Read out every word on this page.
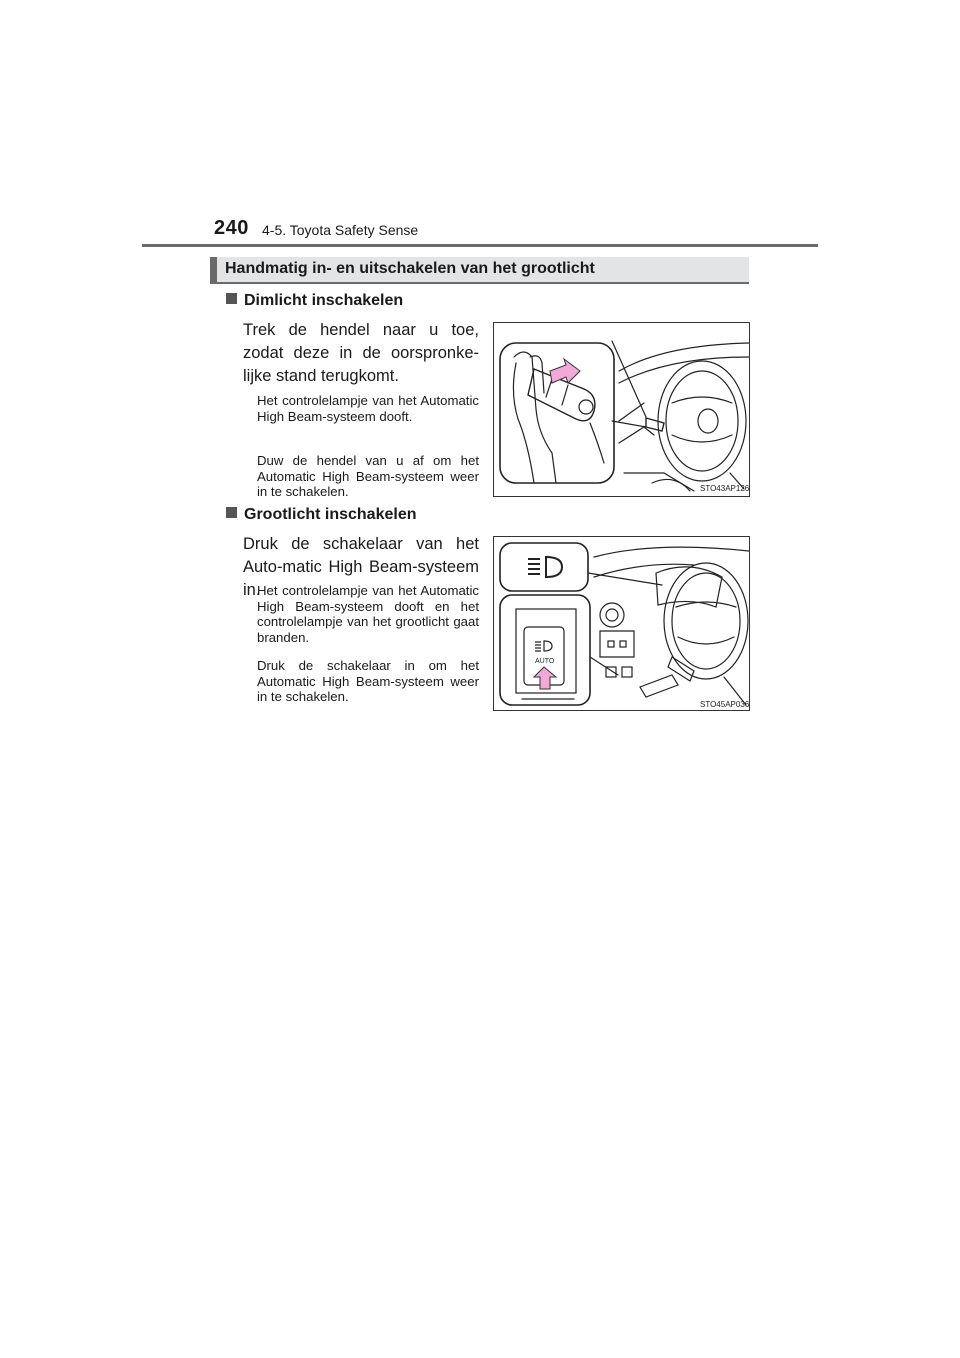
240 4-5. Toyota Safety Sense
Handmatig in- en uitschakelen van het grootlicht
Dimlicht inschakelen
Trek de hendel naar u toe, zodat deze in de oorspronke-lijke stand terugkomt.
Het controlelampje van het Automatic High Beam-systeem dooft.
Duw de hendel van u af om het Automatic High Beam-systeem weer in te schakelen.	STO43AP126
Grootlicht inschakelen
Druk de schakelaar van het Auto-matic High Beam-systeem in.
Het controlelampje van het Automatic High Beam-systeem dooft en het controlelampje van het grootlicht gaat branden.
Druk de schakelaar in om het Automatic High Beam-systeem weer in te schakelen.
AUTO
STO45AP036
